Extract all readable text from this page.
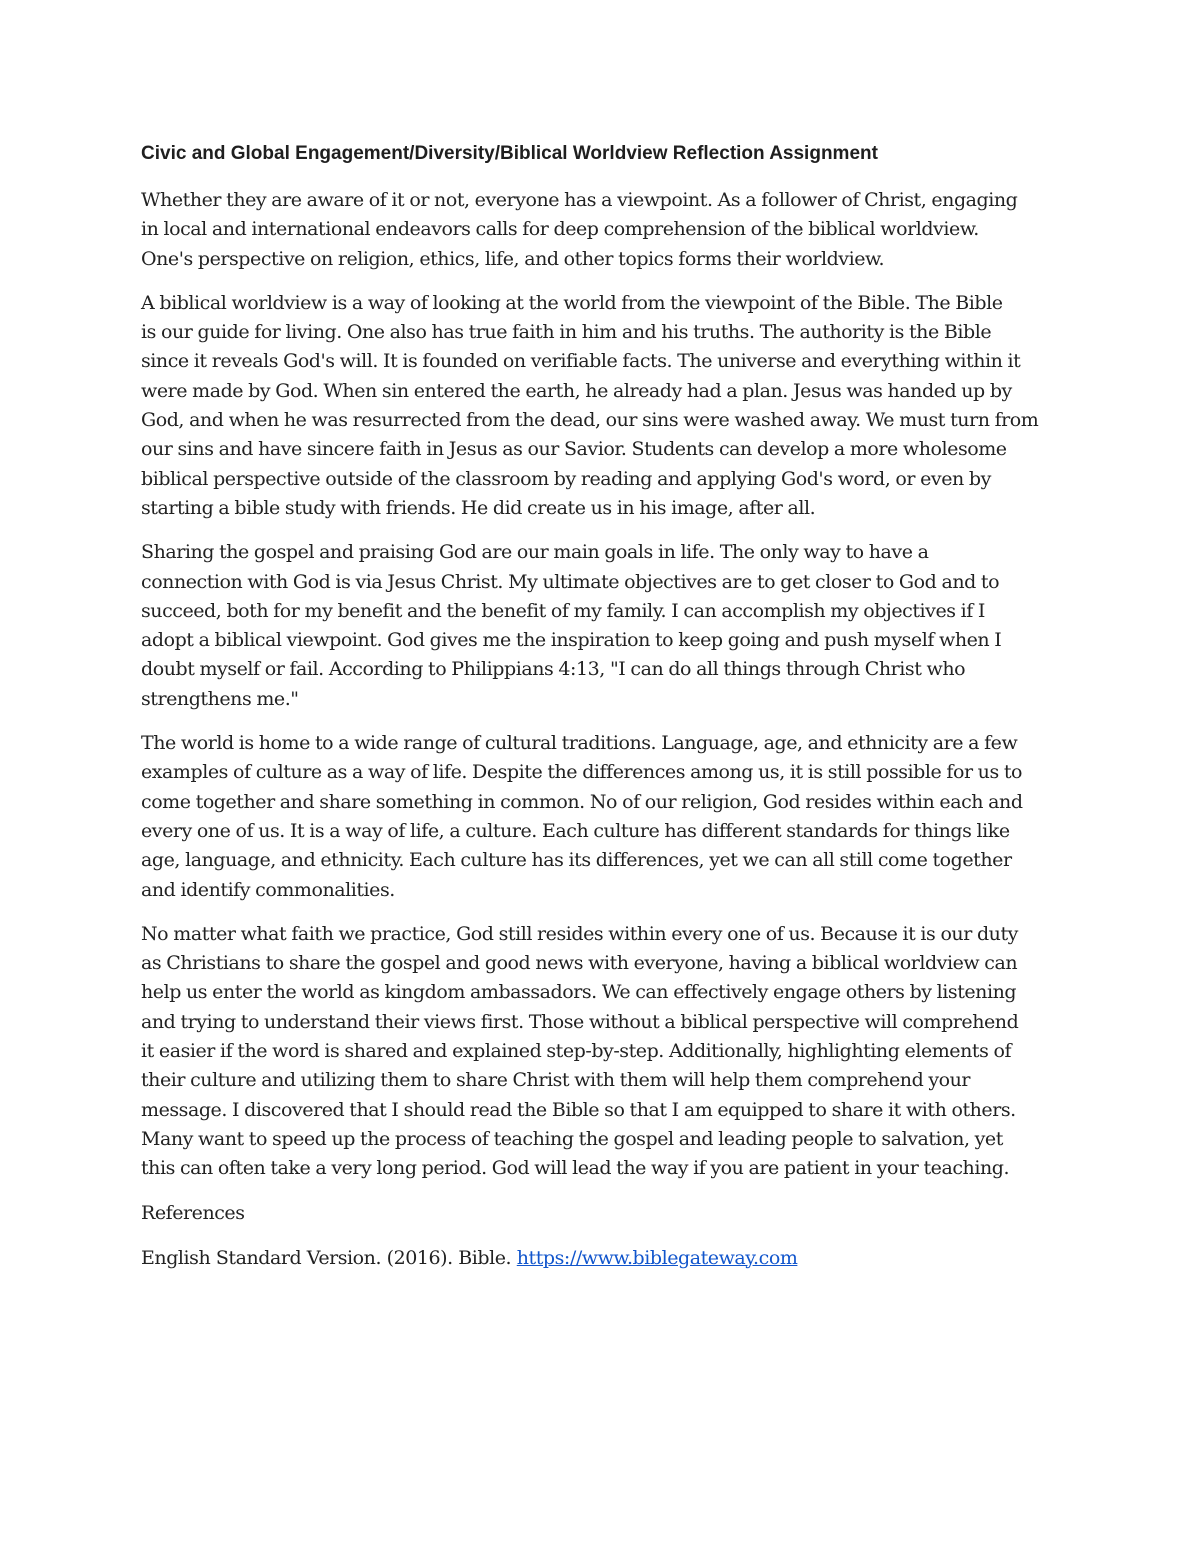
Civic and Global Engagement/Diversity/Biblical Worldview Reflection Assignment
Whether they are aware of it or not, everyone has a viewpoint. As a follower of Christ, engaging
in local and international endeavors calls for deep comprehension of the biblical worldview.
One's perspective on religion, ethics, life, and other topics forms their worldview.
A biblical worldview is a way of looking at the world from the viewpoint of the Bible. The Bible
is our guide for living. One also has true faith in him and his truths. The authority is the Bible
since it reveals God's will. It is founded on verifiable facts. The universe and everything within it
were made by God. When sin entered the earth, he already had a plan. Jesus was handed up by
God, and when he was resurrected from the dead, our sins were washed away. We must turn from
our sins and have sincere faith in Jesus as our Savior. Students can develop a more wholesome
biblical perspective outside of the classroom by reading and applying God's word, or even by
starting a bible study with friends. He did create us in his image, after all.
Sharing the gospel and praising God are our main goals in life. The only way to have a
connection with God is via Jesus Christ. My ultimate objectives are to get closer to God and to
succeed, both for my benefit and the benefit of my family. I can accomplish my objectives if I
adopt a biblical viewpoint. God gives me the inspiration to keep going and push myself when I
doubt myself or fail. According to Philippians 4:13, "I can do all things through Christ who
strengthens me."
The world is home to a wide range of cultural traditions. Language, age, and ethnicity are a few
examples of culture as a way of life. Despite the differences among us, it is still possible for us to
come together and share something in common. No of our religion, God resides within each and
every one of us. It is a way of life, a culture. Each culture has different standards for things like
age, language, and ethnicity. Each culture has its differences, yet we can all still come together
and identify commonalities.
No matter what faith we practice, God still resides within every one of us. Because it is our duty
as Christians to share the gospel and good news with everyone, having a biblical worldview can
help us enter the world as kingdom ambassadors. We can effectively engage others by listening
and trying to understand their views first. Those without a biblical perspective will comprehend
it easier if the word is shared and explained step-by-step. Additionally, highlighting elements of
their culture and utilizing them to share Christ with them will help them comprehend your
message. I discovered that I should read the Bible so that I am equipped to share it with others.
Many want to speed up the process of teaching the gospel and leading people to salvation, yet
this can often take a very long period. God will lead the way if you are patient in your teaching.
References
English Standard Version. (2016). Bible. https://www.biblegateway.com
